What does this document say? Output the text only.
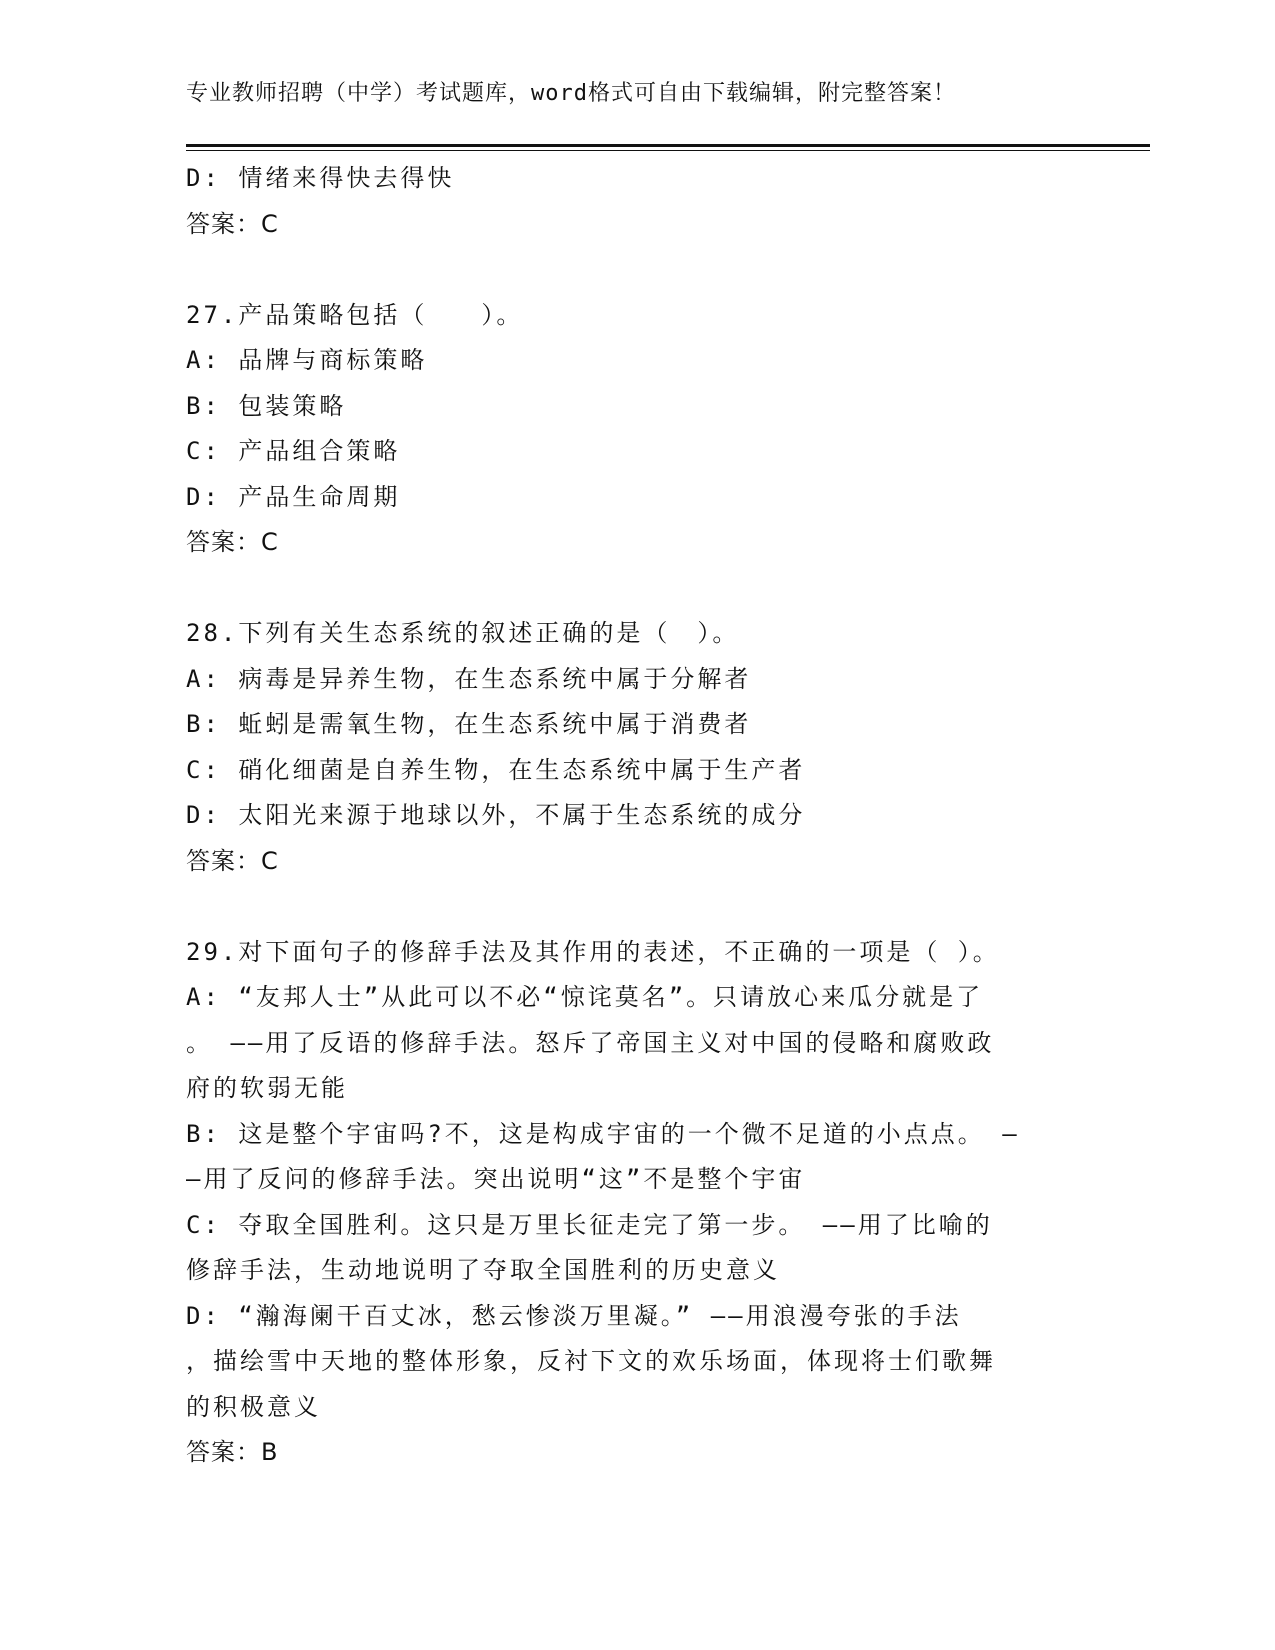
专业教师招聘（中学）考试题库，word格式可自由下载编辑，附完整答案！
D: 情绪来得快去得快
答案：C
27.产品策略包括（　　）。
A: 品牌与商标策略
B: 包装策略
C: 产品组合策略
D: 产品生命周期
答案：C
28.下列有关生态系统的叙述正确的是（　）。
A: 病毒是异养生物，在生态系统中属于分解者
B: 蚯蚓是需氧生物，在生态系统中属于消费者
C: 硝化细菌是自养生物，在生态系统中属于生产者
D: 太阳光来源于地球以外，不属于生态系统的成分
答案：C
29.对下面句子的修辞手法及其作用的表述，不正确的一项是（ ）。
A: “友邦人士”从此可以不必“惊诧莫名”。只请放心来瓜分就是了
。 ——用了反语的修辞手法。怒斥了帝国主义对中国的侵略和腐败政
府的软弱无能
B: 这是整个宇宙吗?不，这是构成宇宙的一个微不足道的小点点。 —
—用了反问的修辞手法。突出说明“这”不是整个宇宙
C: 夺取全国胜利。这只是万里长征走完了第一步。 ——用了比喻的
修辞手法，生动地说明了夺取全国胜利的历史意义
D: “瀚海阑干百丈冰，愁云惨淡万里凝。” ——用浪漫夸张的手法
，描绘雪中天地的整体形象，反衬下文的欢乐场面，体现将士们歌舞
的积极意义
答案：B
